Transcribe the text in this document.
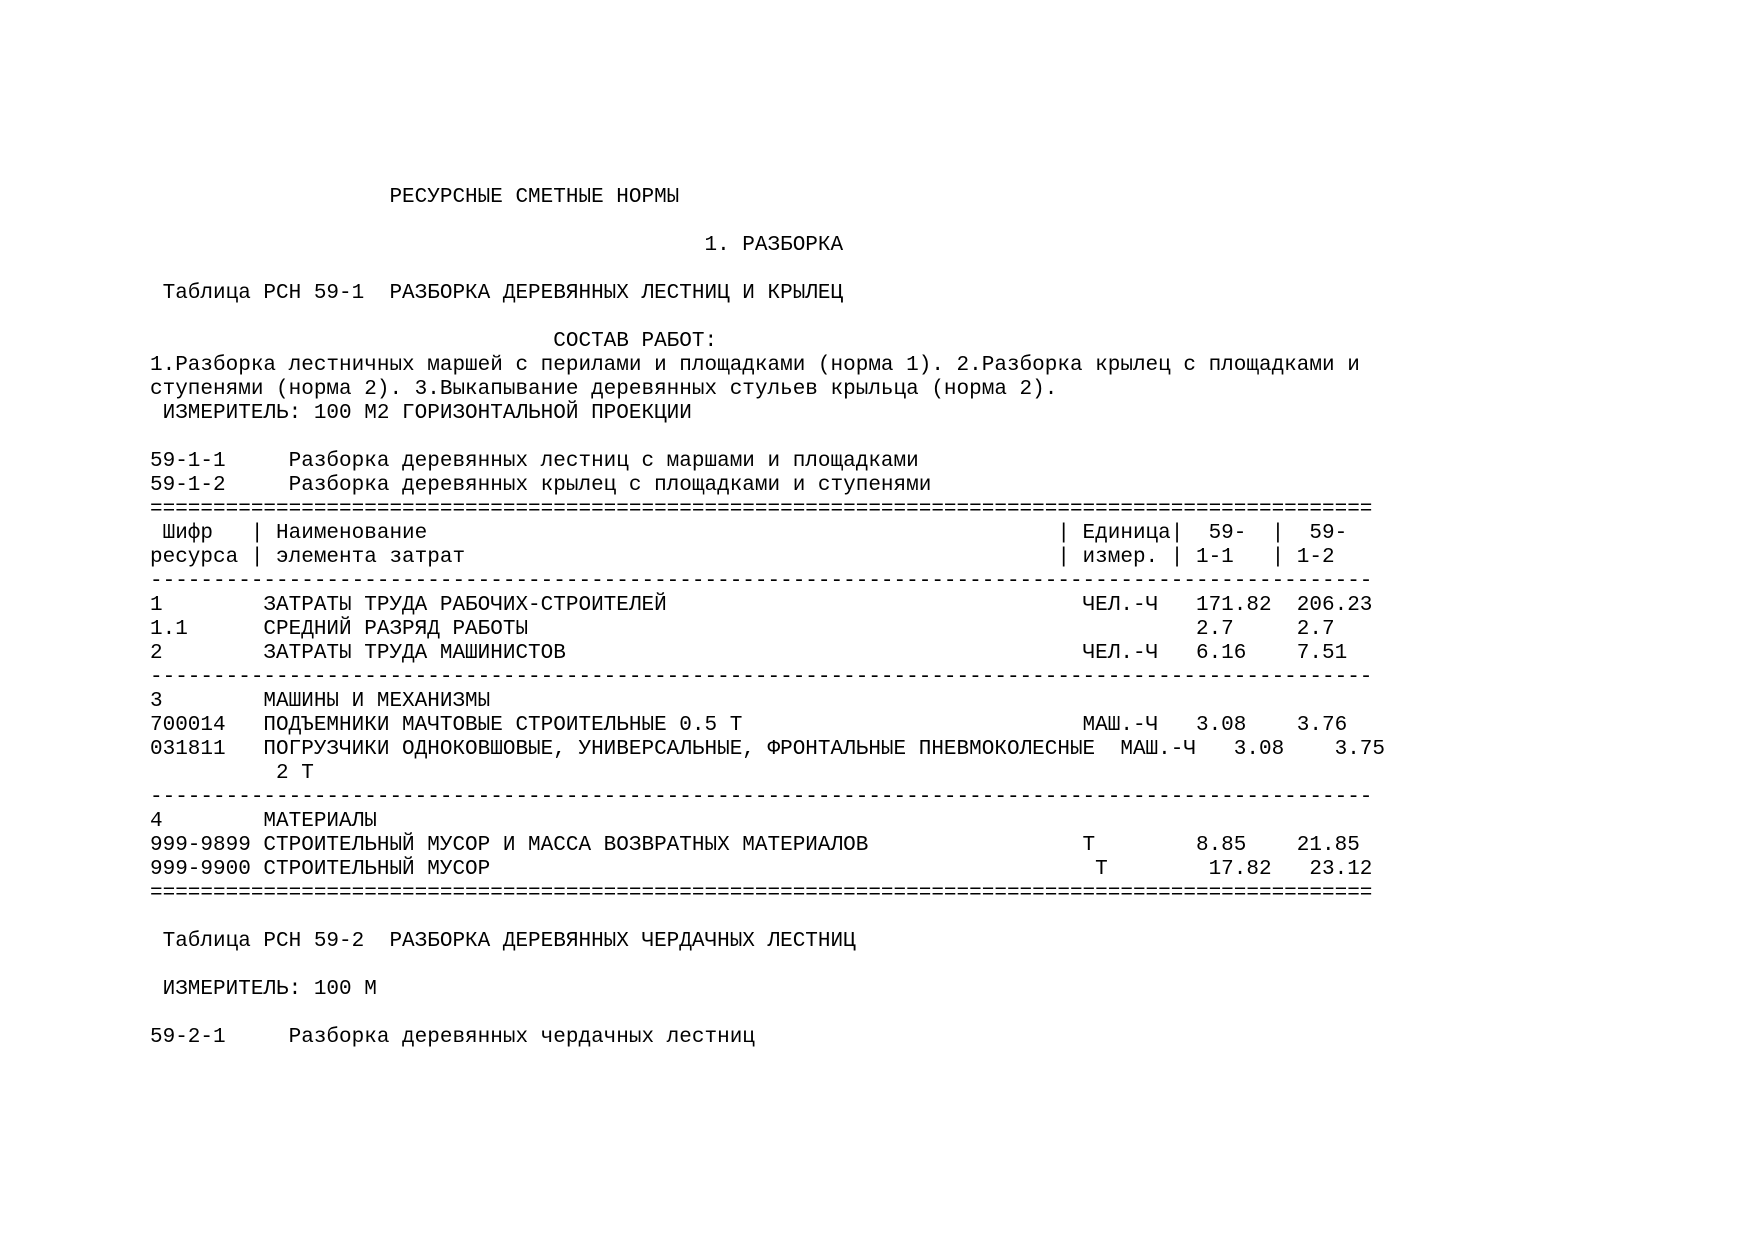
РЕСУРСНЫЕ СМЕТНЫЕ НОРМЫ
1. РАЗБОРКА
Таблица РСН 59-1  РАЗБОРКА ДЕРЕВЯННЫХ ЛЕСТНИЦ И КРЫЛЕЦ
СОСТАВ РАБОТ:
1.Разборка лестничных маршей с перилами и площадками (норма 1). 2.Разборка крылец с площадками и
ступенями (норма 2). 3.Выкапывание деревянных стульев крыльца (норма 2).
ИЗМЕРИТЕЛЬ: 100 М2 ГОРИЗОНТАЛЬНОЙ ПРОЕКЦИИ
59-1-1     Разборка деревянных лестниц с маршами и площадками
59-1-2     Разборка деревянных крылец с площадками и ступенями
=================================================================================================
Шифр   | Наименование                                                  | Единица|  59-  |  59-
ресурса | элемента затрат                                               | измер. | 1-1   | 1-2
-------------------------------------------------------------------------------------------------
1        ЗАТРАТЫ ТРУДА РАБОЧИХ-СТРОИТЕЛЕЙ                                 ЧЕЛ.-Ч   171.82  206.23
1.1      СРЕДНИЙ РАЗРЯД РАБОТЫ                                                     2.7     2.7
2        ЗАТРАТЫ ТРУДА МАШИНИСТОВ                                         ЧЕЛ.-Ч   6.16    7.51
-------------------------------------------------------------------------------------------------
3        МАШИНЫ И МЕХАНИЗМЫ
700014   ПОДЪЕМНИКИ МАЧТОВЫЕ СТРОИТЕЛЬНЫЕ 0.5 Т                           МАШ.-Ч   3.08    3.76
031811   ПОГРУЗЧИКИ ОДНОКОВШОВЫЕ, УНИВЕРСАЛЬНЫЕ, ФРОНТАЛЬНЫЕ ПНЕВМОКОЛЕСНЫЕ  МАШ.-Ч   3.08    3.75
2 Т
-------------------------------------------------------------------------------------------------
4        МАТЕРИАЛЫ
999-9899 СТРОИТЕЛЬНЫЙ МУСОР И МАССА ВОЗВРАТНЫХ МАТЕРИАЛОВ                 Т        8.85    21.85
999-9900 СТРОИТЕЛЬНЫЙ МУСОР                                                Т        17.82   23.12
=================================================================================================
Таблица РСН 59-2  РАЗБОРКА ДЕРЕВЯННЫХ ЧЕРДАЧНЫХ ЛЕСТНИЦ
ИЗМЕРИТЕЛЬ: 100 М
59-2-1     Разборка деревянных чердачных лестниц
